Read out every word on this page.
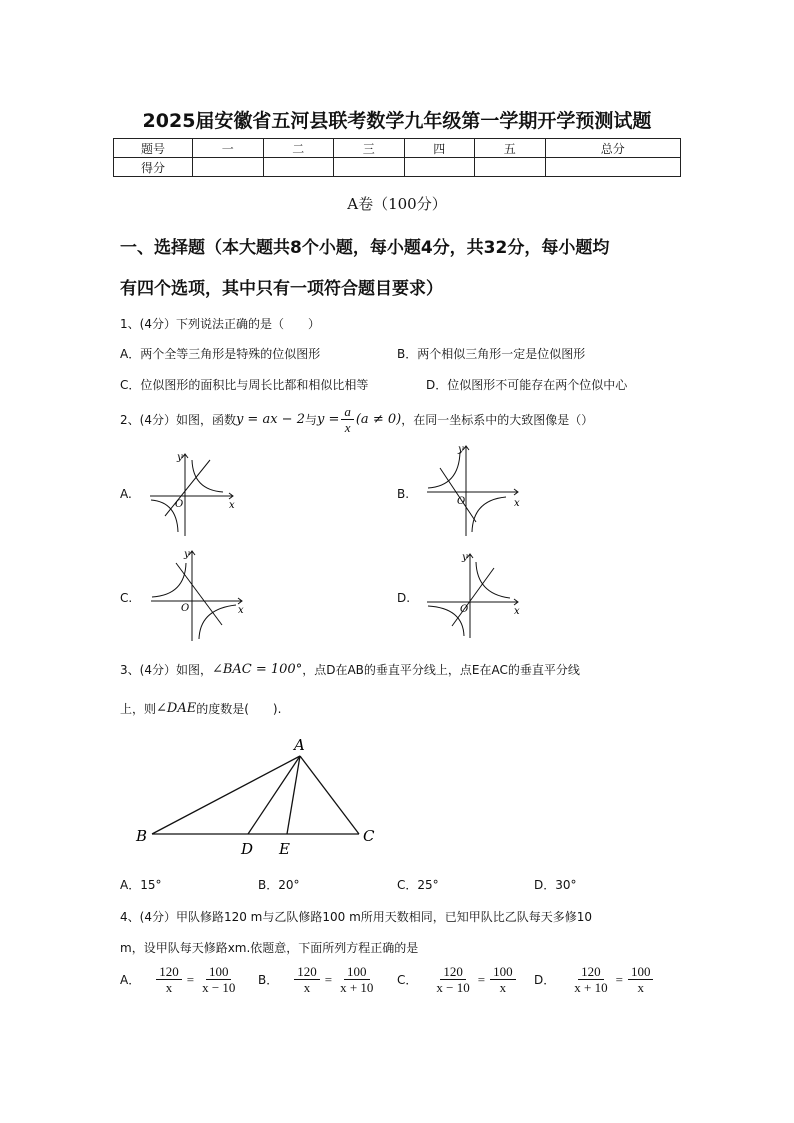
2025届安徽省五河县联考数学九年级第一学期开学预测试题
题号	一	二	三	四	五	总分
得分						
A卷（100分）
一、选择题（本大题共8个小题，每小题4分，共32分，每小题均
有四个选项，其中只有一项符合题目要求）
1、(4分）下列说法正确的是（　　）
A．两个全等三角形是特殊的位似图形	B．两个相似三角形一定是位似图形
C．位似图形的面积比与周长比都和相似比相等	D．位似图形不可能存在两个位似中心
2、(4分）如图，函数 y = ax − 2 与 $y = \frac{a}{x} (a \ne 0)$ ，在同一坐标系中的大致图像是（）
A.	B.
C.	D.
x
y
O	x
y
O
x
y
O	x
y
O
3、(4分）如图， ∠BAC = 100° ，点D在AB的垂直平分线上，点E在AC的垂直平分线
上，则 ∠DAE 的度数是(　　).
A
B	C
D E
A．15°	B．20°	C．25°	D．30°
4、(4分）甲队修路120 m与乙队修路100 m所用天数相同，已知甲队比乙队每天多修10
m，设甲队每天修路xm.依题意，下面所列方程正确的是
A． $\frac{120}{x} = \frac{100}{x - 10}$ B． $\frac{120}{x} = \frac{100}{x + 10}$ C． $\frac{120}{x - 10} = \frac{100}{x}$ D． $\frac{120}{x + 10} = \frac{100}{x}$
